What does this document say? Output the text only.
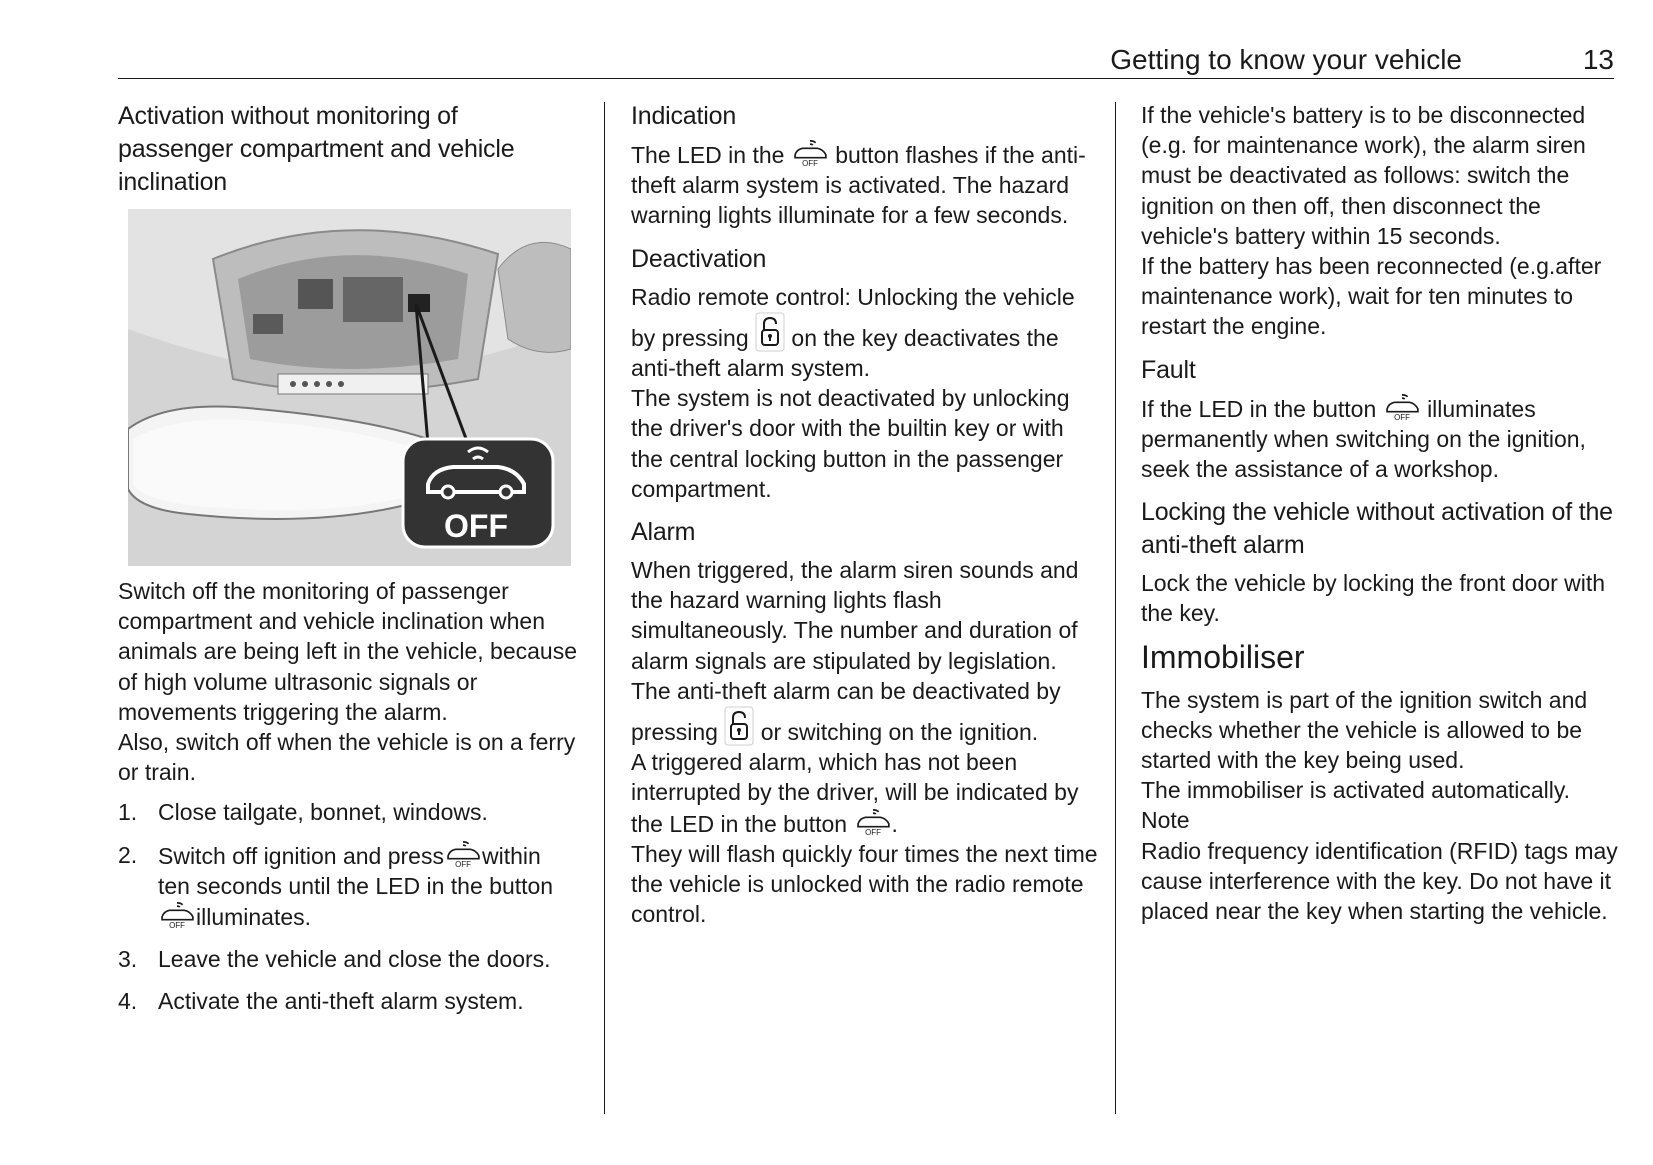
Getting to know your vehicle	13
Activation without monitoring of passenger compartment and vehicle inclination
OFF

Switch off the monitoring of passenger compartment and vehicle inclination when animals are being left in the vehicle, because of high volume ultrasonic signals or movements triggering the alarm.

Also, switch off when the vehicle is on a ferry or train.

1. Close tailgate, bonnet, windows.
2. Switch off ignition and press within ten seconds until the LED in the button illuminates.
3. Leave the vehicle and close the doors.
4. Activate the anti-theft alarm system.
Indication

The LED in the button flashes if the anti-theft alarm system is activated. The hazard warning lights illuminate for a few seconds.

Deactivation

Radio remote control: Unlocking the vehicle by pressing on the key deactivates the anti-theft alarm system.

The system is not deactivated by unlocking the driver's door with the builtin key or with the central locking button in the passenger compartment.

Alarm

When triggered, the alarm siren sounds and the hazard warning lights flash simultaneously. The number and duration of alarm signals are stipulated by legislation.

The anti-theft alarm can be deactivated by pressing or switching on the ignition.

A triggered alarm, which has not been interrupted by the driver, will be indicated by the LED in the button .

They will flash quickly four times the next time the vehicle is unlocked with the radio remote control.

If the vehicle's battery is to be disconnected (e.g. for maintenance work), the alarm siren must be deactivated as follows: switch the ignition on then off, then disconnect the vehicle's battery within 15 seconds.

If the battery has been reconnected (e.g.after maintenance work), wait for ten minutes to restart the engine.

Fault

If the LED in the button illuminates permanently when switching on the ignition, seek the assistance of a workshop.

Locking the vehicle without activation of the anti-theft alarm

Lock the vehicle by locking the front door with the key.

Immobiliser

The system is part of the ignition switch and checks whether the vehicle is allowed to be started with the key being used.

The immobiliser is activated automatically.

Note

Radio frequency identification (RFID) tags may cause interference with the key. Do not have it placed near the key when starting the vehicle.
